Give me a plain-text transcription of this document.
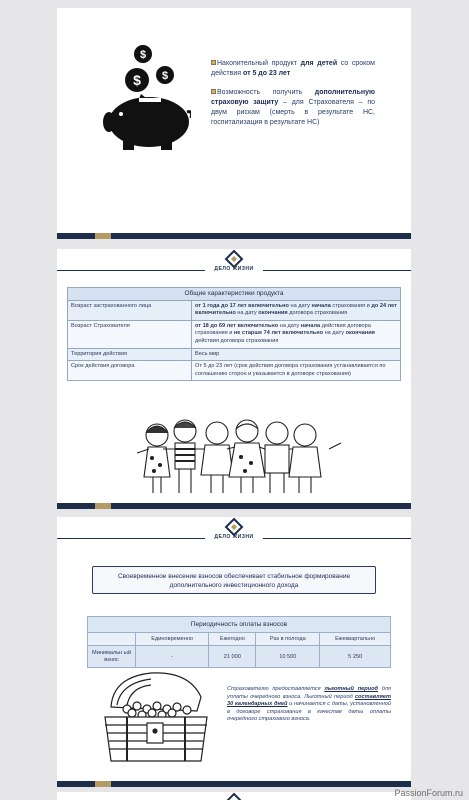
$
$
$

Накопительный продукт для детей со сроком действия от 5 до 23 лет

Возможность получить дополнительную страховую защиту – для Страхователя – по двум рискам (смерть в результате НС, госпитализация в результате НС)

ДЕЛО ЖИЗНИ
Общие характеристики продукта	
Возраст застрахованного лица	от 1 года до 17 лет включительно на дату начала страхования и до 24 лет включительно на дату окончания договора страхования
Возраст Страхователя	от 18 до 69 лет включительно на дату начала действия договора страхования и не старше 74 лет включительно на дату окончания действия договора страхования
Территория действия	Весь мир
Срок действия договора	От 5 до 23 лет (срок действия договора страхования устанавливается по соглашению сторон и указывается в договоре страхования)
ДЕЛО ЖИЗНИ
Своевременное внесение взносов обеспечивает стабильное формирование дополнительного инвестиционного дохода
Периодичность оплаты взносов				
	Единовременно	Ежегодно	Раз в полгода	Ежеквартально
Минимальн ый взнос	-	21 000	10 500	5 250
Страхователю предоставляется льготный период для уплаты очередного взноса. Льготный период составляет 30 календарных дней и начинается с даты, установленной в договоре страхования в качестве даты оплаты очередного страхового взноса.
PassionForum.ru
